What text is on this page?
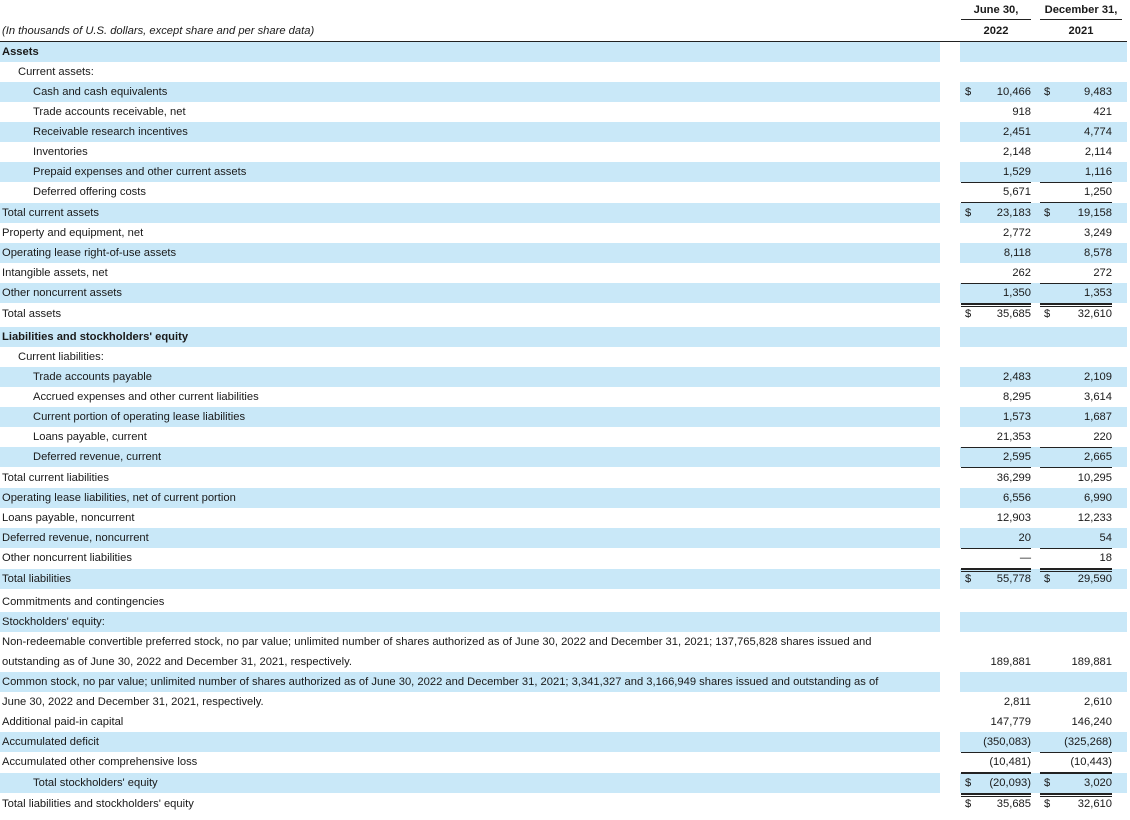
June 30,
2022
December 31,
2021
(In thousands of U.S. dollars, except share and per share data)
Assets
Current assets:
Cash and cash equivalents	$ 10,466 $	9,483
Trade accounts receivable, net	918	421
Receivable research incentives	2,451	4,774
Inventories	2,148	2,114
Prepaid expenses and other current assets	1,529	1,116
Deferred offering costs	5,671	1,250
Total current assets	$ 23,183 $ 19,158
Property and equipment, net	2,772	3,249
Operating lease right-of-use assets	8,118	8,578
Intangible assets, net	262	272
Other noncurrent assets	1,350	1,353
Total assets	$ 35,685 $ 32,610
Liabilities and stockholders' equity
Current liabilities:
Trade accounts payable	2,483	2,109
Accrued expenses and other current liabilities	8,295	3,614
Current portion of operating lease liabilities	1,573	1,687
Loans payable, current	21,353	220
Deferred revenue, current	2,595	2,665
Total current liabilities	36,299	10,295
Operating lease liabilities, net of current portion	6,556	6,990
Loans payable, noncurrent	12,903	12,233
Deferred revenue, noncurrent	20	54
Other noncurrent liabilities	—	18
Total liabilities	$ 55,778 $ 29,590
Commitments and contingencies
Stockholders' equity:
Non-redeemable convertible preferred stock, no par value; unlimited number of shares authorized as of June 30, 2022 and December 31, 2021; 137,765,828 shares issued and
outstanding as of June 30, 2022 and December 31, 2021, respectively.	189,881	189,881
Common stock, no par value; unlimited number of shares authorized as of June 30, 2022 and December 31, 2021; 3,341,327 and 3,166,949 shares issued and outstanding as of
June 30, 2022 and December 31, 2021, respectively.	2,811	2,610
Additional paid-in capital	147,779	146,240
Accumulated deficit	(350,083)	(325,268)
Accumulated other comprehensive loss	(10,481)	(10,443)
Total stockholders' equity	$ (20,093) $	3,020
Total liabilities and stockholders' equity	$ 35,685 $ 32,610
